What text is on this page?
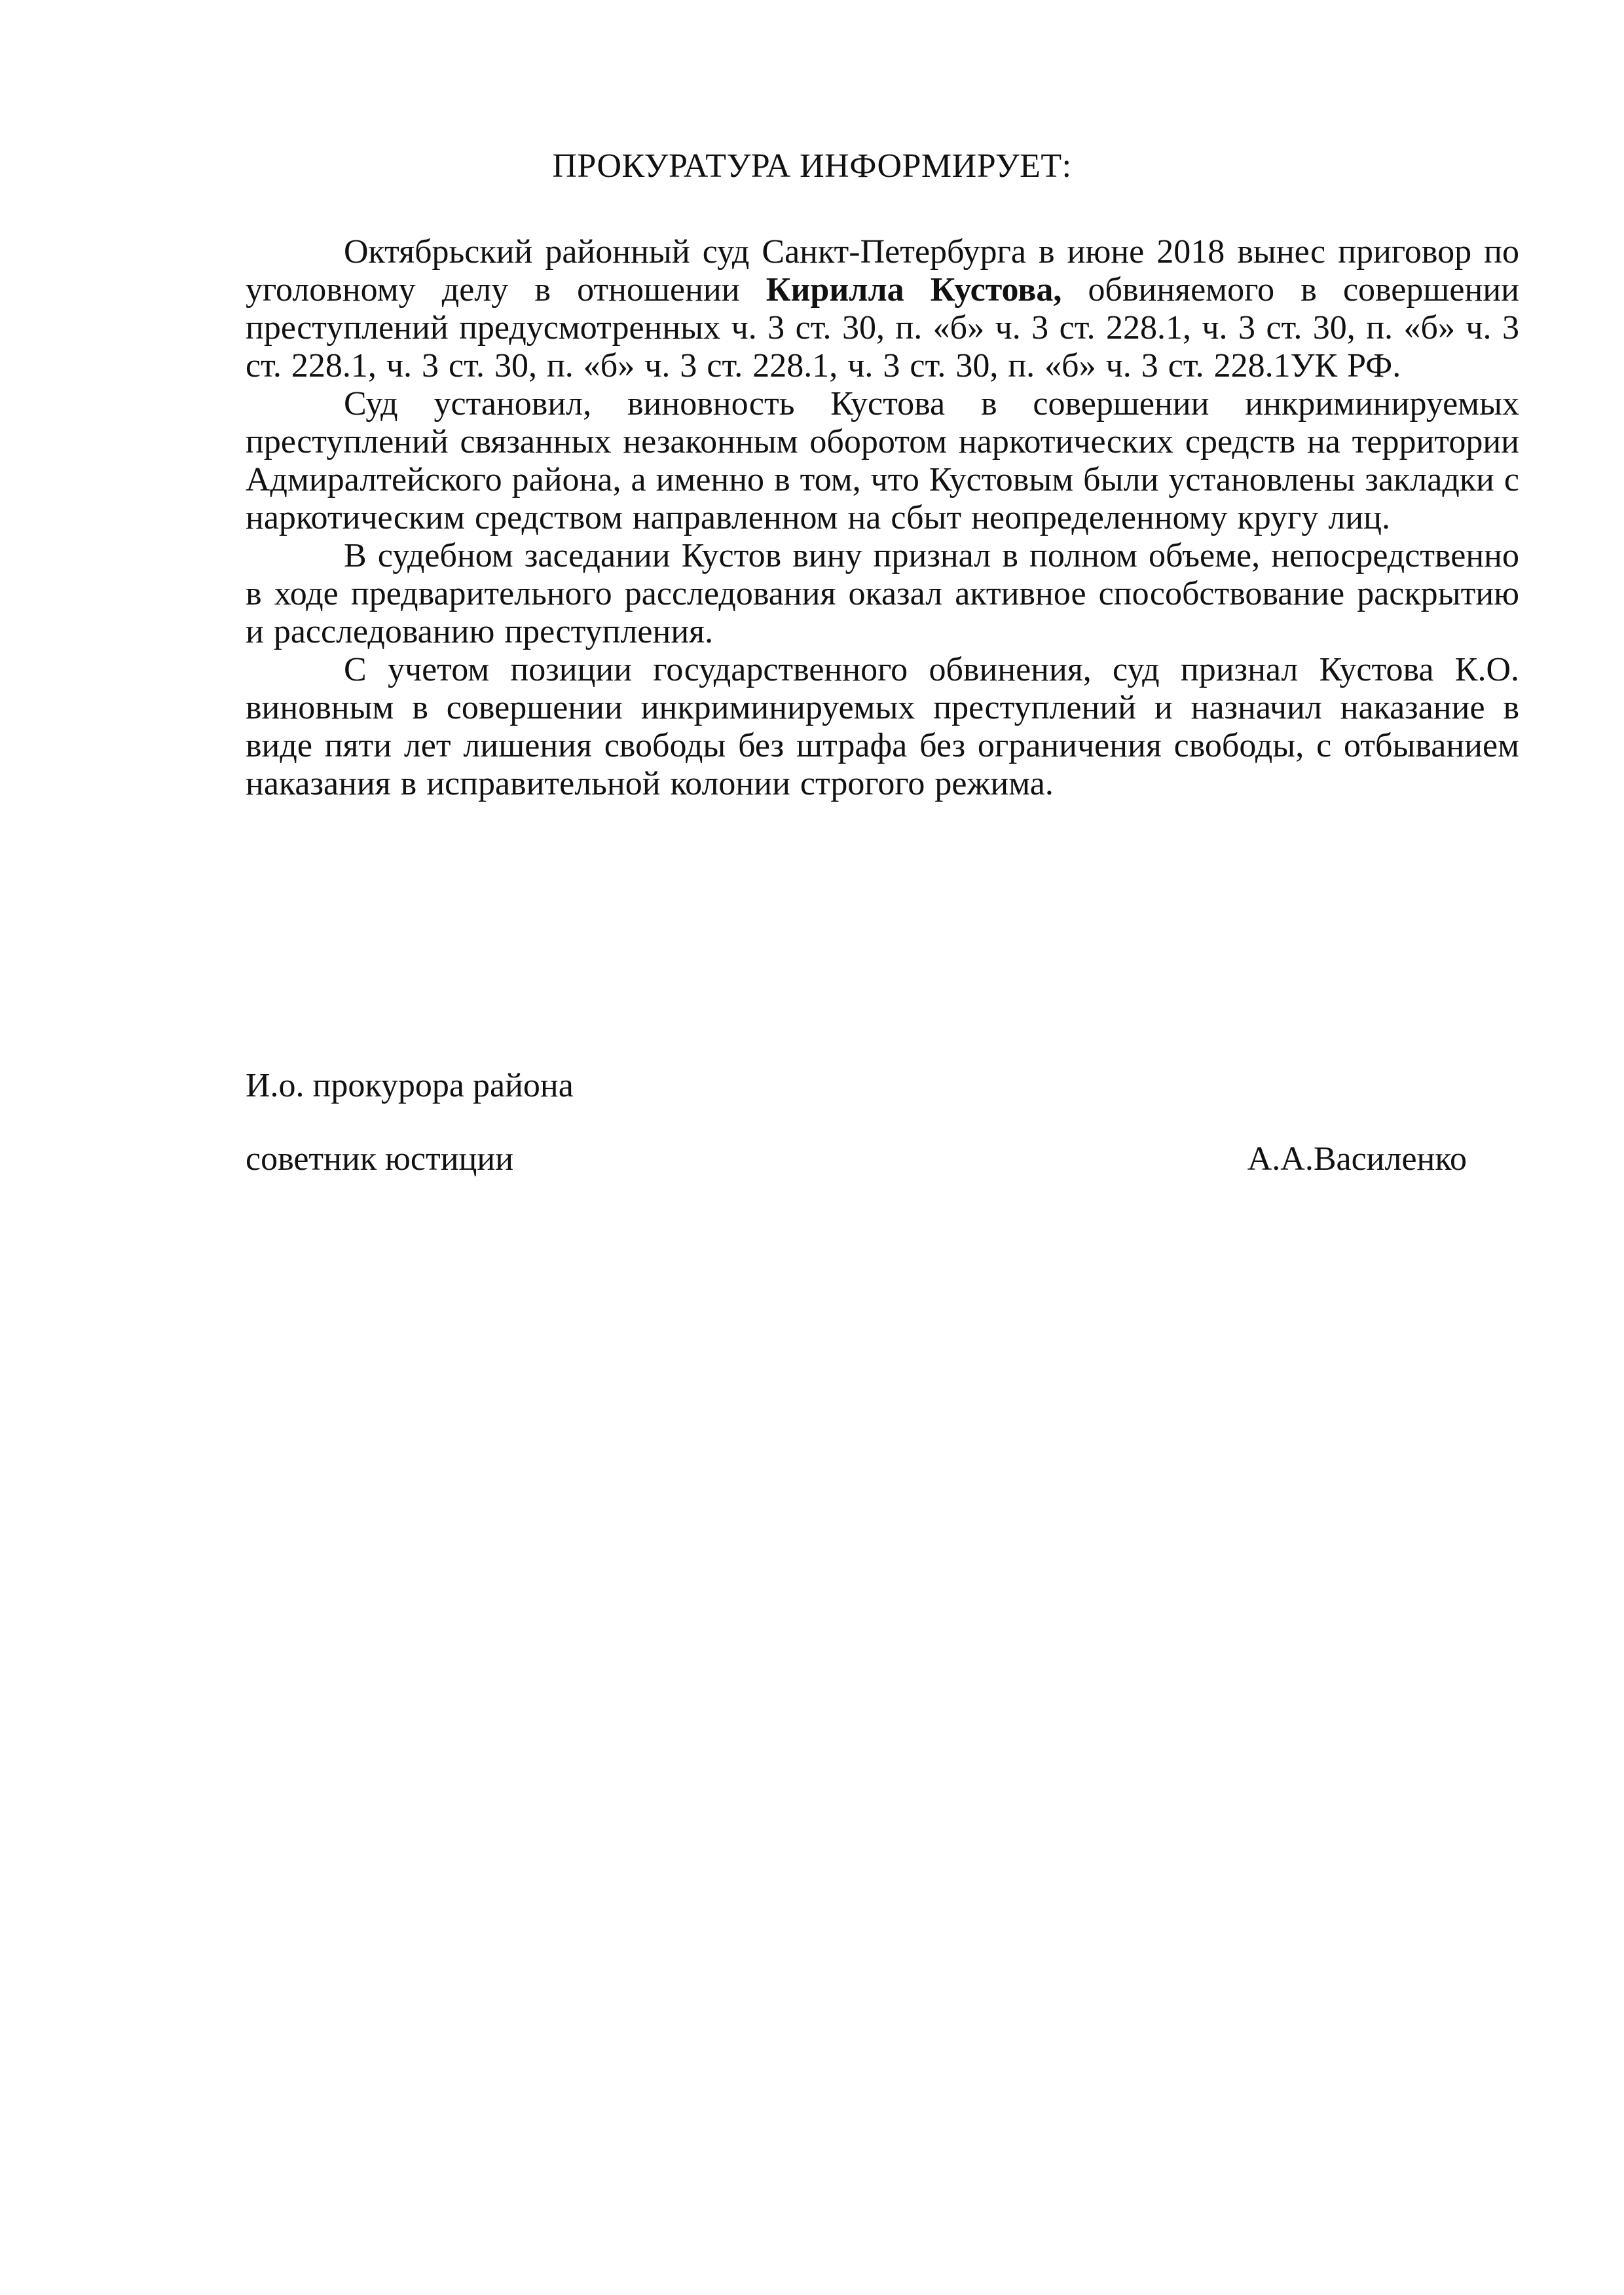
ПРОКУРАТУРА ИНФОРМИРУЕТ:

Октябрьский районный суд Санкт-Петербурга в июне 2018 вынес приговор по уголовному делу в отношении Кирилла Кустова, обвиняемого в совершении преступлений предусмотренных ч. 3 ст. 30, п. «б» ч. 3 ст. 228.1, ч. 3 ст. 30, п. «б» ч. 3 ст. 228.1, ч. 3 ст. 30, п. «б» ч. 3 ст. 228.1, ч. 3 ст. 30, п. «б» ч. 3 ст. 228.1УК РФ.

Суд установил, виновность Кустова в совершении инкриминируемых преступлений связанных незаконным оборотом наркотических средств на территории Адмиралтейского района, а именно в том, что Кустовым были установлены закладки с наркотическим средством направленном на сбыт неопределенному кругу лиц.

В судебном заседании Кустов вину признал в полном объеме, непосредственно в ходе предварительного расследования оказал активное способствование раскрытию и расследованию преступления.

С учетом позиции государственного обвинения, суд признал Кустова К.О. виновным в совершении инкриминируемых преступлений и назначил наказание в виде пяти лет лишения свободы без штрафа без ограничения свободы, с отбыванием наказания в исправительной колонии строгого режима.

И.о. прокурора района
советник юстиции	А.А.Василенко
